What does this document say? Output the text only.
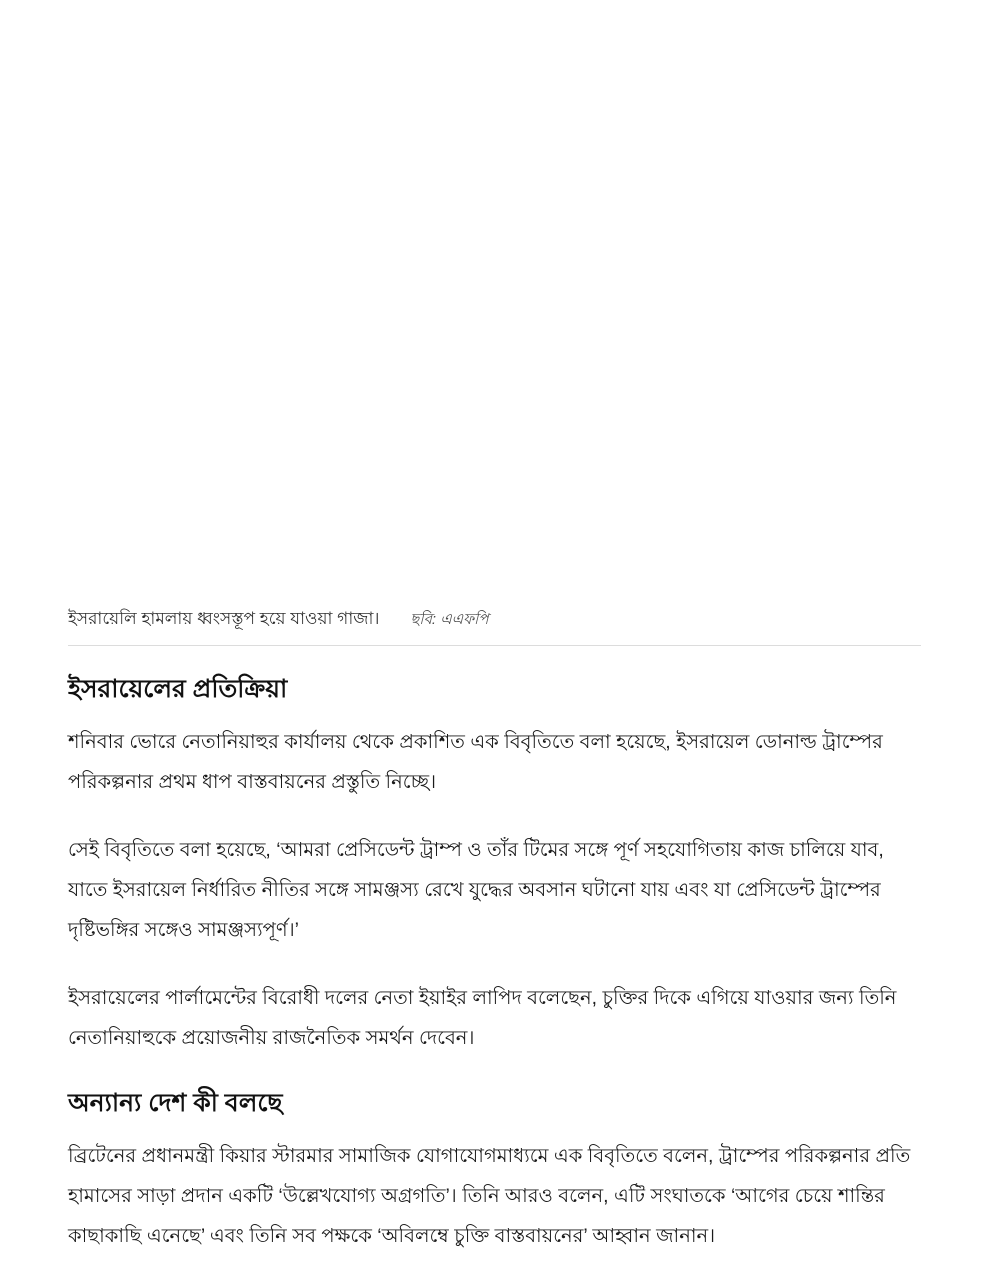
ইসরায়েলি হামলায় ধ্বংসস্তূপ হয়ে যাওয়া গাজা। ছবি: এএফপি
ইসরায়েলের প্রতিক্রিয়া

শনিবার ভোরে নেতানিয়াহুর কার্যালয় থেকে প্রকাশিত এক বিবৃতিতে বলা হয়েছে, ইসরায়েল ডোনাল্ড ট্রাম্পের পরিকল্পনার প্রথম ধাপ বাস্তবায়নের প্রস্তুতি নিচ্ছে।

সেই বিবৃতিতে বলা হয়েছে, ‘আমরা প্রেসিডেন্ট ট্রাম্প ও তাঁর টিমের সঙ্গে পূর্ণ সহযোগিতায় কাজ চালিয়ে যাব, যাতে ইসরায়েল নির্ধারিত নীতির সঙ্গে সামঞ্জস্য রেখে যুদ্ধের অবসান ঘটানো যায় এবং যা প্রেসিডেন্ট ট্রাম্পের দৃষ্টিভঙ্গির সঙ্গেও সামঞ্জস্যপূর্ণ।’

ইসরায়েলের পার্লামেন্টের বিরোধী দলের নেতা ইয়াইর লাপিদ বলেছেন, চুক্তির দিকে এগিয়ে যাওয়ার জন্য তিনি নেতানিয়াহুকে প্রয়োজনীয় রাজনৈতিক সমর্থন দেবেন।

অন্যান্য দেশ কী বলছে

ব্রিটেনের প্রধানমন্ত্রী কিয়ার স্টারমার সামাজিক যোগাযোগমাধ্যমে এক বিবৃতিতে বলেন, ট্রাম্পের পরিকল্পনার প্রতি হামাসের সাড়া প্রদান একটি ‘উল্লেখযোগ্য অগ্রগতি’। তিনি আরও বলেন, এটি সংঘাতকে ‘আগের চেয়ে শান্তির কাছাকাছি এনেছে’ এবং তিনি সব পক্ষকে ‘অবিলম্বে চুক্তি বাস্তবায়নের’ আহ্বান জানান।
